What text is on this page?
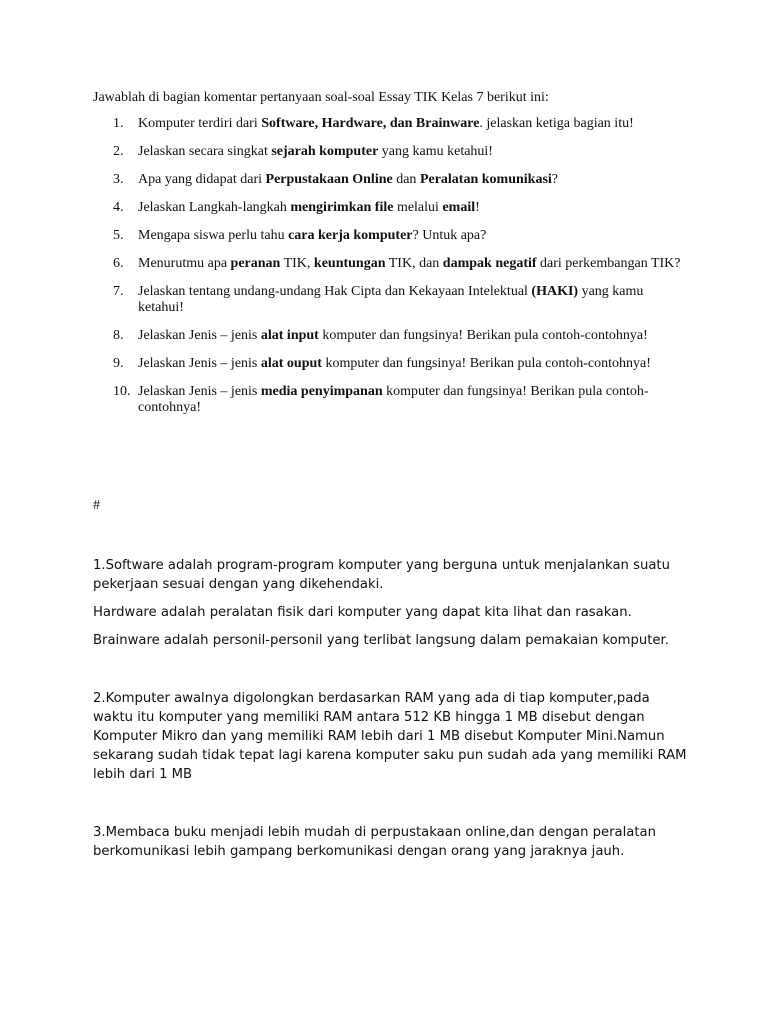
Jawablah di bagian komentar pertanyaan soal-soal Essay TIK Kelas 7 berikut ini:

1.	Komputer terdiri dari Software, Hardware, dan Brainware. jelaskan ketiga bagian itu!
2.	Jelaskan secara singkat sejarah komputer yang kamu ketahui!
3.	Apa yang didapat dari Perpustakaan Online dan Peralatan komunikasi?
4.	Jelaskan Langkah-langkah mengirimkan file melalui email!
5.	Mengapa siswa perlu tahu cara kerja komputer? Untuk apa?
6.	Menurutmu apa peranan TIK, keuntungan TIK, dan dampak negatif dari perkembangan TIK?
7.	Jelaskan tentang undang-undang Hak Cipta dan Kekayaan Intelektual (HAKI) yang kamu ketahui!
8.	Jelaskan Jenis – jenis alat input komputer dan fungsinya! Berikan pula contoh-contohnya!
9.	Jelaskan Jenis – jenis alat ouput komputer dan fungsinya! Berikan pula contoh-contohnya!
10. Jelaskan Jenis – jenis media penyimpanan komputer dan fungsinya! Berikan pula contoh-contohnya!

#

1.Software adalah program-program komputer yang berguna untuk menjalankan suatu pekerjaan sesuai dengan yang dikehendaki.

Hardware adalah peralatan fisik dari komputer yang dapat kita lihat dan rasakan.

Brainware adalah personil-personil yang terlibat langsung dalam pemakaian komputer.

2.Komputer awalnya digolongkan berdasarkan RAM yang ada di tiap komputer,pada waktu itu komputer yang memiliki RAM antara 512 KB hingga 1 MB disebut dengan Komputer Mikro dan yang memiliki RAM lebih dari 1 MB disebut Komputer Mini.Namun sekarang sudah tidak tepat lagi karena komputer saku pun sudah ada yang memiliki RAM lebih dari 1 MB

3.Membaca buku menjadi lebih mudah di perpustakaan online,dan dengan peralatan berkomunikasi lebih gampang berkomunikasi dengan orang yang jaraknya jauh.
